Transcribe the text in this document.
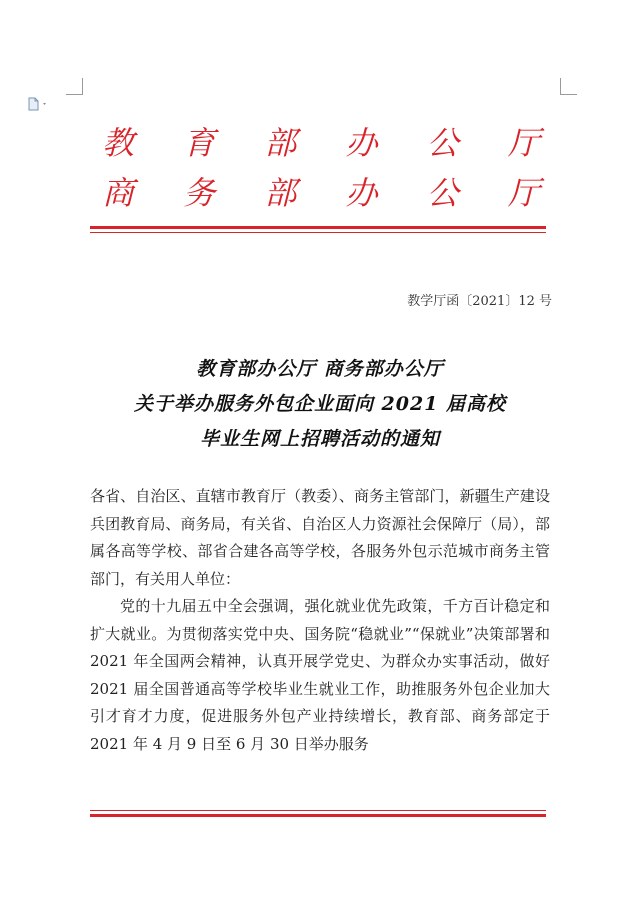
教 育 部 办 公 厅
商 务 部 办 公 厅
教学厅函〔2021〕12 号
教育部办公厅 商务部办公厅
关于举办服务外包企业面向 2021 届高校
毕业生网上招聘活动的通知

各省、自治区、直辖市教育厅（教委）、商务主管部门，新疆生产建设兵团教育局、商务局，有关省、自治区人力资源社会保障厅（局），部属各高等学校、部省合建各高等学校，各服务外包示范城市商务主管部门，有关用人单位：

党的十九届五中全会强调，强化就业优先政策，千方百计稳定和扩大就业。为贯彻落实党中央、国务院“稳就业”“保就业”决策部署和 2021 年全国两会精神，认真开展学党史、为群众办实事活动，做好 2021 届全国普通高等学校毕业生就业工作，助推服务外包企业加大引才育才力度，促进服务外包产业持续增长，教育部、商务部定于 2021 年 4 月 9 日至 6 月 30 日举办服务
